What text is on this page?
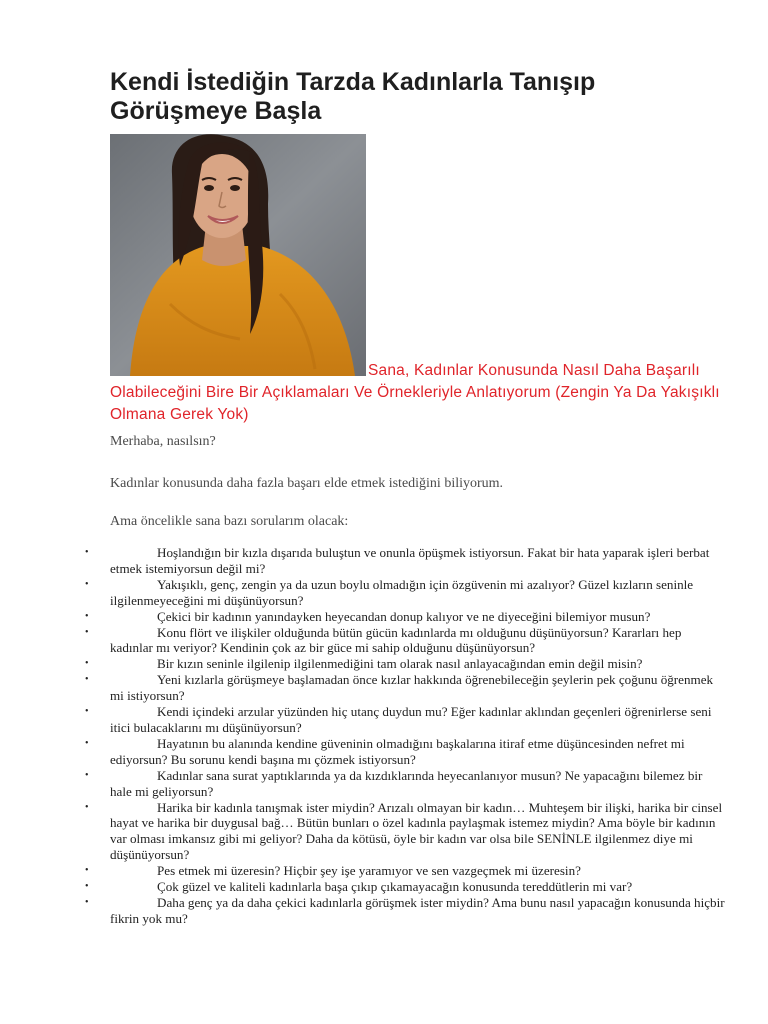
Kendi İstediğin Tarzda Kadınlarla Tanışıp Görüşmeye Başla
Sana, Kadınlar Konusunda Nasıl Daha Başarılı Olabileceğini Bire Bir Açıklamaları Ve Örnekleriyle Anlatıyorum (Zengin Ya Da Yakışıklı Olmana Gerek Yok)

Merhaba, nasılsın?

Kadınlar konusunda daha fazla başarı elde etmek istediğini biliyorum.

Ama öncelikle sana bazı sorularım olacak:

•	Hoşlandığın bir kızla dışarıda buluştun ve onunla öpüşmek istiyorsun. Fakat bir hata yaparak işleri berbat etmek istemiyorsun değil mi?
•	Yakışıklı, genç, zengin ya da uzun boylu olmadığın için özgüvenin mi azalıyor? Güzel kızların seninle ilgilenmeyeceğini mi düşünüyorsun?
•	Çekici bir kadının yanındayken heyecandan donup kalıyor ve ne diyeceğini bilemiyor musun?
•	Konu flört ve ilişkiler olduğunda bütün gücün kadınlarda mı olduğunu düşünüyorsun? Kararları hep kadınlar mı veriyor? Kendinin çok az bir güce mi sahip olduğunu düşünüyorsun?
•	Bir kızın seninle ilgilenip ilgilenmediğini tam olarak nasıl anlayacağından emin değil misin?
•	Yeni kızlarla görüşmeye başlamadan önce kızlar hakkında öğrenebileceğin şeylerin pek çoğunu öğrenmek mi istiyorsun?
•	Kendi içindeki arzular yüzünden hiç utanç duydun mu? Eğer kadınlar aklından geçenleri öğrenirlerse seni itici bulacaklarını mı düşünüyorsun?
•	Hayatının bu alanında kendine güveninin olmadığını başkalarına itiraf etme düşüncesinden nefret mi ediyorsun? Bu sorunu kendi başına mı çözmek istiyorsun?
•	Kadınlar sana surat yaptıklarında ya da kızdıklarında heyecanlanıyor musun? Ne yapacağını bilemez bir hale mi geliyorsun?
•	Harika bir kadınla tanışmak ister miydin? Arızalı olmayan bir kadın… Muhteşem bir ilişki, harika bir cinsel hayat ve harika bir duygusal bağ… Bütün bunları o özel kadınla paylaşmak istemez miydin? Ama böyle bir kadının var olması imkansız gibi mi geliyor? Daha da kötüsü, öyle bir kadın var olsa bile SENİNLE ilgilenmez diye mi düşünüyorsun?
•	Pes etmek mi üzeresin? Hiçbir şey işe yaramıyor ve sen vazgeçmek mi üzeresin?
•	Çok güzel ve kaliteli kadınlarla başa çıkıp çıkamayacağın konusunda tereddütlerin mi var?
•	Daha genç ya da daha çekici kadınlarla görüşmek ister miydin? Ama bunu nasıl yapacağın konusunda hiçbir fikrin yok mu?
